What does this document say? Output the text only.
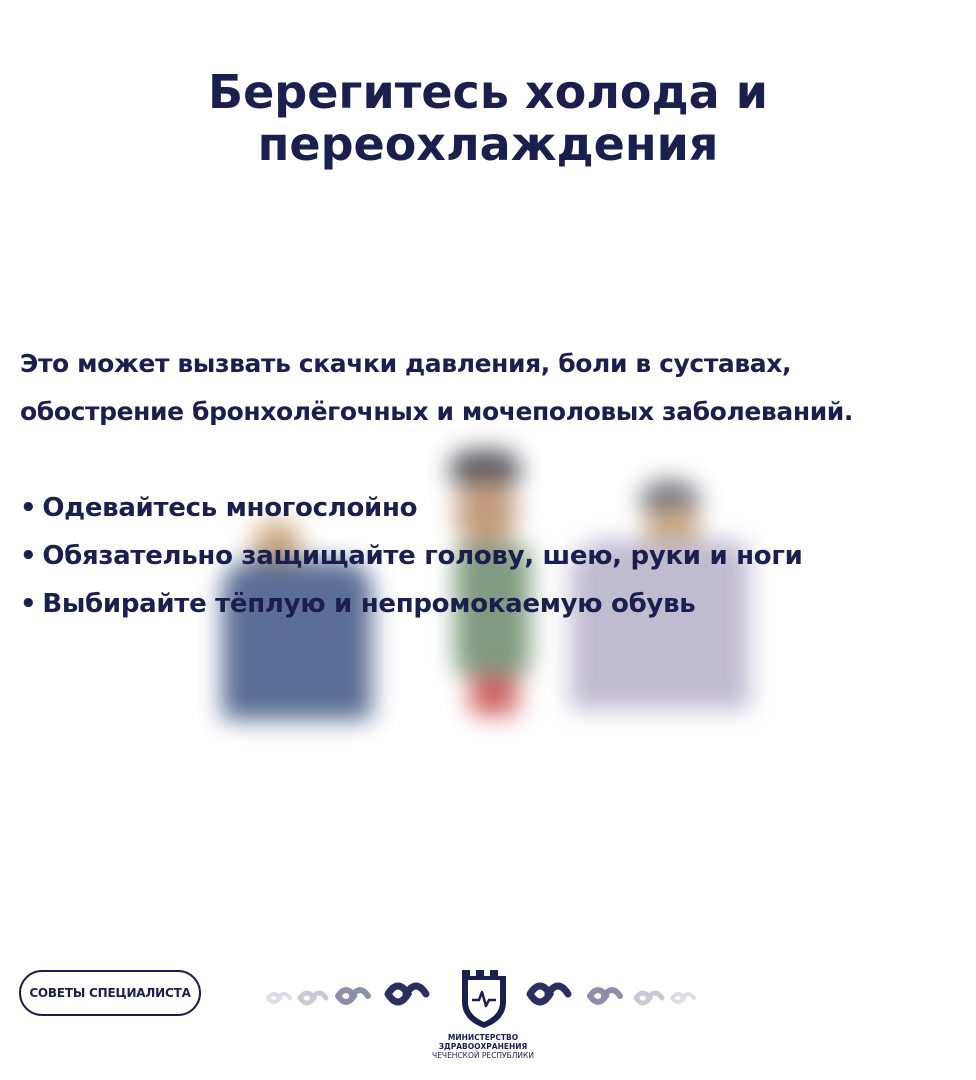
Берегитесь холода и
переохлаждения

Это может вызвать скачки давления, боли в суставах,
обострение бронхолёгочных и мочеполовых заболеваний.

• Одевайтесь многослойно
• Обязательно защищайте голову, шею, руки и ноги
• Выбирайте тёплую и непромокаемую обувь
СОВЕТЫ СПЕЦИАЛИСТА
МИНИСТЕРСТВО
ЗДРАВООХРАНЕНИЯ
ЧЕЧЕНСКОЙ РЕСПУБЛИКИ
